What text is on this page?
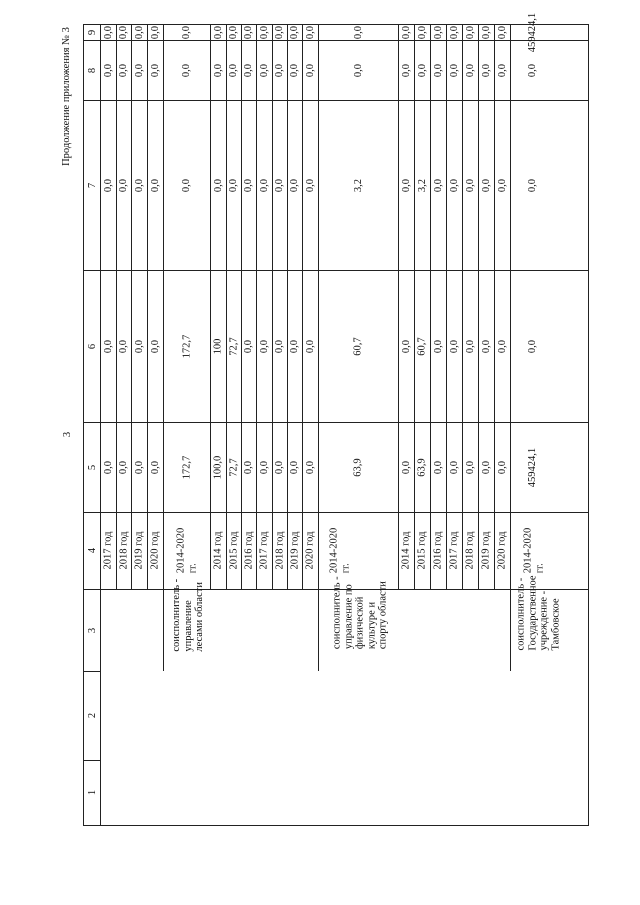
3
Продолжение приложения № 3 9
8
7
6
5
4
3
2
1
2017 год
0,0
0,0
0,0
0,0
0,0
2018 год
0,0
0,0
0,0
0,0
0,0
2019 год
0,0
0,0
0,0
0,0
0,0
2020 год
0,0
0,0
0,0
0,0
0,0
соисполнитель -
управление
лесами области
2014-2020
гг.
0,0
0,0
0,0
172,7
172,7
2014 год
0,0
0,0
0,0
100
100,0
2015 год
0,0
0,0
0,0
72,7
72,7
2016 год
0,0
0,0
0,0
0,0
0,0
2017 год
0,0
0,0
0,0
0,0
0,0
2018 год
0,0
0,0
0,0
0,0
0,0
2019 год
0,0
0,0
0,0
0,0
0,0
2020 год
0,0
0,0
0,0
0,0
0,0
соисполнитель -
управление по
физической
культуре и
спорту области
2014-2020
гг.
0,0
0,0
3,2
60,7
63,9
2014 год
0,0
0,0
0,0
0,0
0,0
2015 год
0,0
0,0
3,2
60,7
63,9
2016 год
0,0
0,0
0,0
0,0
0,0
2017 год
0,0
0,0
0,0
0,0
0,0
2018 год
0,0
0,0
0,0
0,0
0,0
2019 год
0,0
0,0
0,0
0,0
0,0
2020 год
0,0
0,0
0,0
0,0
0,0
соисполнитель -
Государственное
учреждение -
Тамбовское
2014-2020
гг.
459424,1
0,0
0,0
0,0
459424,1
